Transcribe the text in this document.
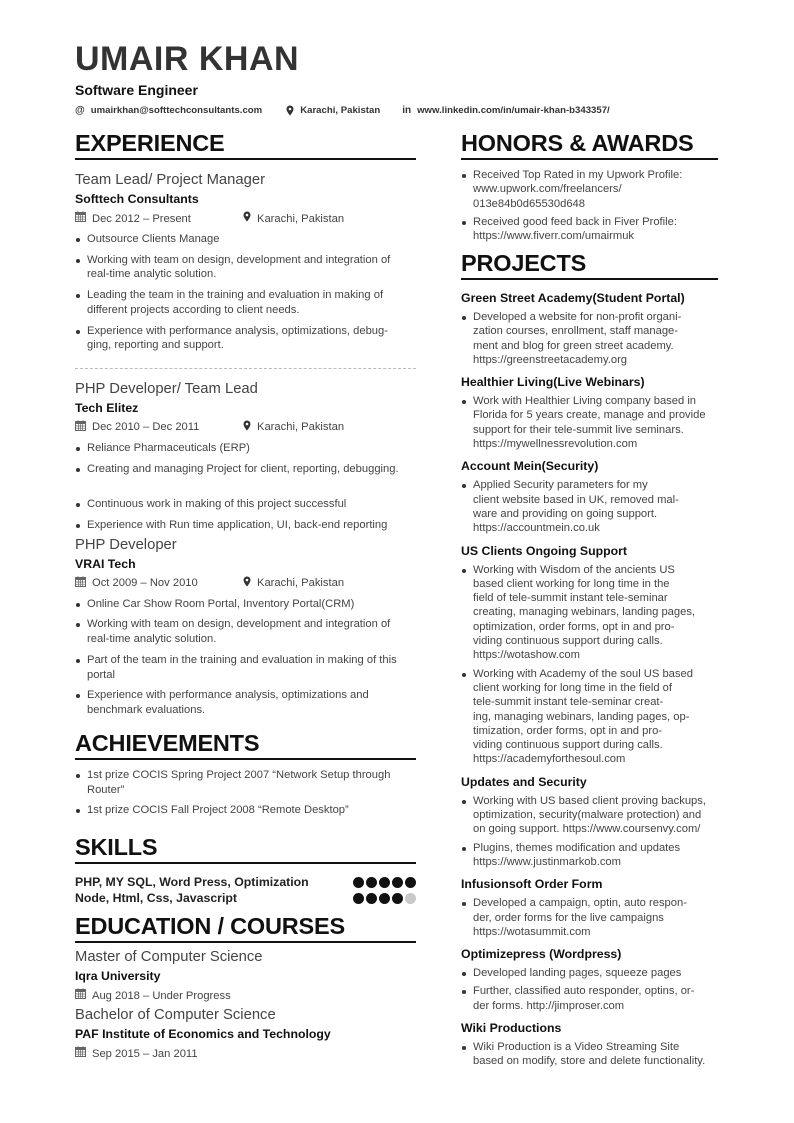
UMAIR KHAN
Software Engineer
@ umairkhan@softtechconsultants.com	Karachi, Pakistan in www.linkedin.com/in/umair-khan-b343357/
EXPERIENCE
Team Lead/ Project Manager
Softtech Consultants
Dec 2012 – Present	Karachi, Pakistan
Outsource Clients Manage
Working with team on design, development and integration of
real-time analytic solution.
Leading the team in the training and evaluation in making of
different projects according to client needs.
Experience with performance analysis, optimizations, debug-
ging, reporting and support.
PHP Developer/ Team Lead
Tech Elitez
Dec 2010 – Dec 2011	Karachi, Pakistan
Reliance Pharmaceuticals (ERP)
Creating and managing Project for client, reporting, debugging.
Continuous work in making of this project successful
Experience with Run time application, UI, back-end reporting
PHP Developer
VRAI Tech
Oct 2009 – Nov 2010	Karachi, Pakistan
Online Car Show Room Portal, Inventory Portal(CRM)
Working with team on design, development and integration of
real-time analytic solution.
Part of the team in the training and evaluation in making of this
portal
Experience with performance analysis, optimizations and
benchmark evaluations.
ACHIEVEMENTS
1st prize COCIS Spring Project 2007 “Network Setup through
Router”
1st prize COCIS Fall Project 2008 “Remote Desktop”
SKILLS
PHP, MY SQL, Word Press, Optimization
Node, Html, Css, Javascript
EDUCATION / COURSES
Master of Computer Science
Iqra University
Aug 2018 – Under Progress
Bachelor of Computer Science
PAF Institute of Economics and Technology
Sep 2015 – Jan 2011
HONORS & AWARDS
Received Top Rated in my Upwork Profile:
www.upwork.com/freelancers/ 013e84b0d65530d648
Received good feed back in Fiver Profile:
https://www.fiverr.com/umairmuk
PROJECTS
Green Street Academy(Student Portal)
Developed a website for non-profit organi-
zation courses, enrollment, staff manage-
ment and blog for green street academy.
https://greenstreetacademy.org
Healthier Living(Live Webinars)
Work with Healthier Living company based in
Florida for 5 years create, manage and provide
support for their tele-summit live seminars.
https://mywellnessrevolution.com
Account Mein(Security)
Applied Security parameters for my
client website based in UK, removed mal-
ware and providing on going support.
https://accountmein.co.uk
US Clients Ongoing Support
Working with Wisdom of the ancients US
based client working for long time in the
field of tele-summit instant tele-seminar
creating, managing webinars, landing pages,
optimization, order forms, opt in and pro-
viding continuous support during calls.
https://wotashow.com
Working with Academy of the soul US based
client working for long time in the field of
tele-summit instant tele-seminar creat-
ing, managing webinars, landing pages, op-
timization, order forms, opt in and pro-
viding continuous support during calls.
https://academyforthesoul.com
Updates and Security
Working with US based client proving backups,
optimization, security(malware protection) and
on going support. https://www.coursenvy.com/
Plugins, themes modification and updates
https://www.justinmarkob.com
Infusionsoft Order Form
Developed a campaign, optin, auto respon-
der, order forms for the live campaigns
https://wotasummit.com
Optimizepress (Wordpress)
Developed landing pages, squeeze pages
Further, classified auto responder, optins, or-
der forms. http://jimproser.com
Wiki Productions
Wiki Production is a Video Streaming Site
based on modify, store and delete functionality.
